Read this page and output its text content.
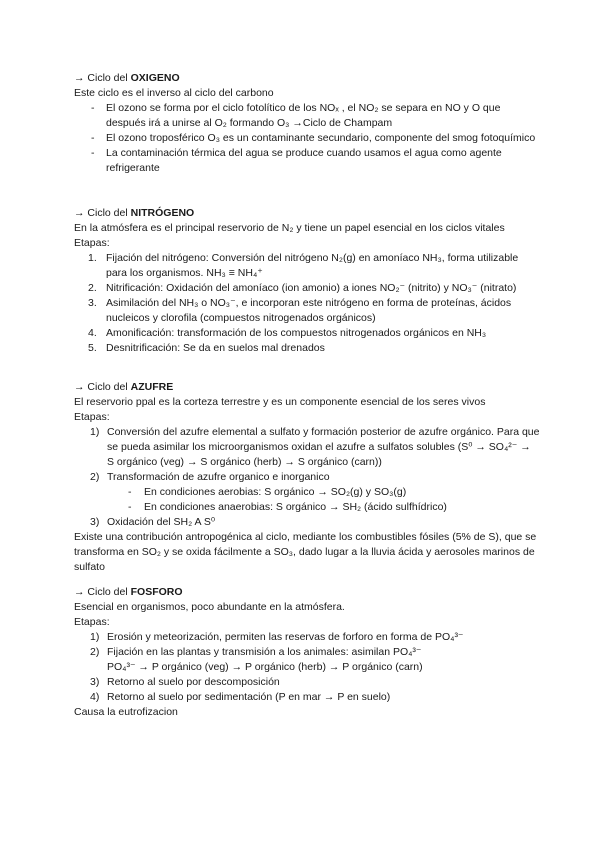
→ Ciclo del OXIGENO

Este ciclo es el inverso al ciclo del carbono

- El ozono se forma por el ciclo fotolítico de los NOₓ , el NO₂ se separa en NO y O que después irá a unirse al O₂ formando O₃ →Ciclo de Champam
- El ozono troposférico O₃ es un contaminante secundario, componente del smog fotoquímico
- La contaminación térmica del agua se produce cuando usamos el agua como agente refrigerante

→ Ciclo del NITRÓGENO

En la atmósfera es el principal reservorio de N₂ y tiene un papel esencial en los ciclos vitales

Etapas:

1. Fijación del nitrógeno: Conversión del nitrógeno N₂(g) en amoníaco NH₃, forma utilizable para los organismos. NH₃ ≡ NH₄⁺
2. Nitrificación: Oxidación del amoníaco (ion amonio) a iones NO₂⁻ (nitrito) y NO₃⁻ (nitrato)
3. Asimilación del NH₃ o NO₃⁻, e incorporan este nitrógeno en forma de proteínas, ácidos nucleicos y clorofila (compuestos nitrogenados orgánicos)
4. Amonificación: transformación de los compuestos nitrogenados orgánicos en NH₃
5. Desnitrificación: Se da en suelos mal drenados

→ Ciclo del AZUFRE

El reservorio ppal es la corteza terrestre y es un componente esencial de los seres vivos

Etapas:

1) Conversión del azufre elemental a sulfato y formación posterior de azufre orgánico. Para que se pueda asimilar los microorganismos oxidan el azufre a sulfatos solubles (S⁰ → SO₄²⁻ → S orgánico (veg) → S orgánico (herb) → S orgánico (carn))
2) Transformación de azufre organico e inorganico
- En condiciones aerobias: S orgánico → SO₂(g) y SO₃(g)
- En condiciones anaerobias: S orgánico → SH₂ (ácido sulfhídrico)
3) Oxidación del SH₂ A S⁰

Existe una contribución antropogénica al ciclo, mediante los combustibles fósiles (5% de S), que se transforma en SO₂ y se oxida fácilmente a SO₃, dado lugar a la lluvia ácida y aerosoles marinos de sulfato

→ Ciclo del FOSFORO

Esencial en organismos, poco abundante en la atmósfera.

Etapas:

1) Erosión y meteorización, permiten las reservas de forforo en forma de PO₄³⁻
2) Fijación en las plantas y transmisión a los animales: asimilan PO₄³⁻
PO₄³⁻ → P orgánico (veg) → P orgánico (herb) → P orgánico (carn)
3) Retorno al suelo por descomposición
4) Retorno al suelo por sedimentación (P en mar → P en suelo)

Causa la eutrofizacion
